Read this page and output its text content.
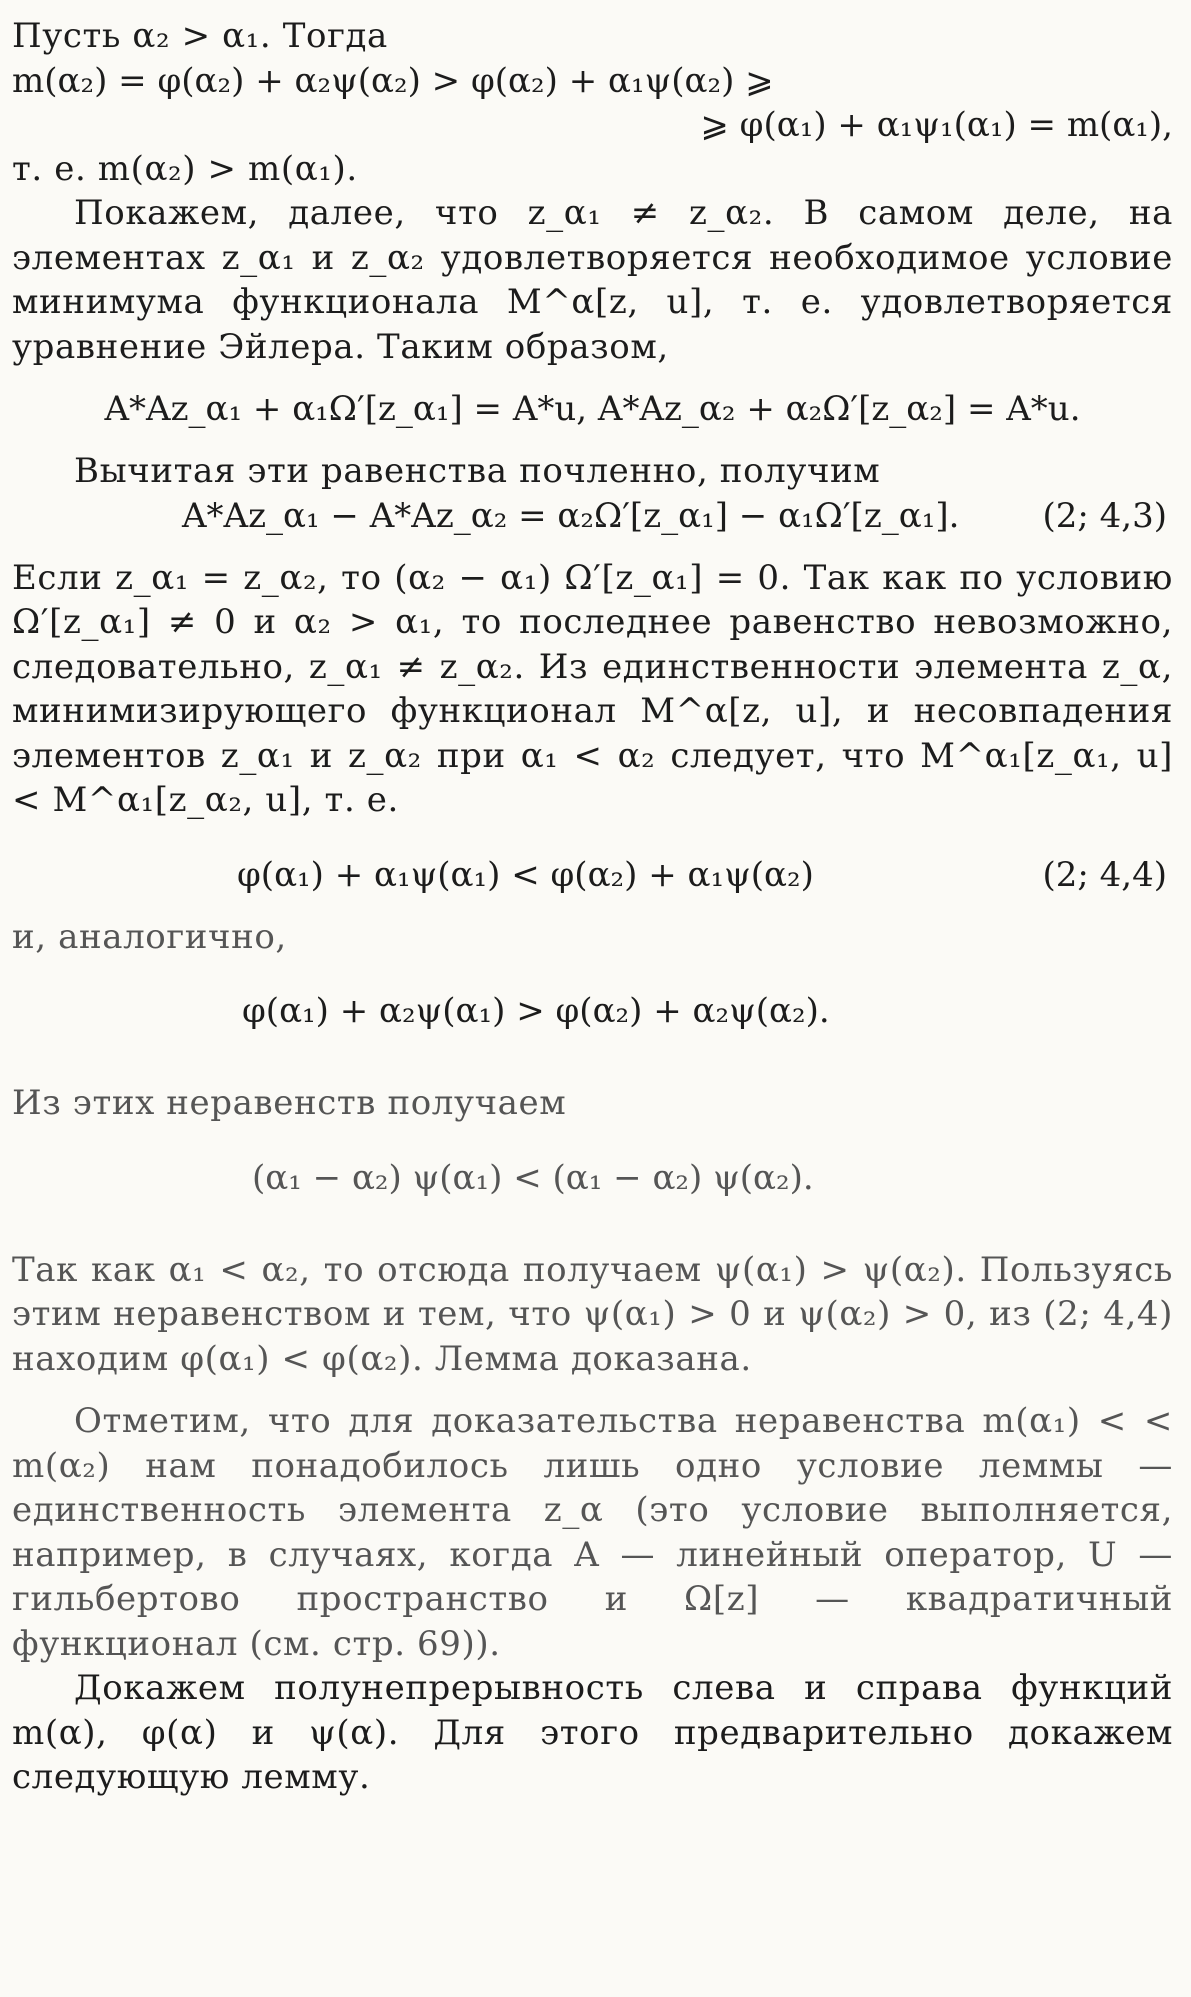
Пусть α₂ > α₁. Тогда

m(α₂) = φ(α₂) + α₂ψ(α₂) > φ(α₂) + α₁ψ(α₂) ⩾

⩾ φ(α₁) + α₁ψ₁(α₁) = m(α₁),

т. е. m(α₂) > m(α₁).

Покажем, далее, что z_α₁ ≠ z_α₂. В самом деле, на элементах z_α₁ и z_α₂ удовлетворяется необходимое условие минимума функционала M^α[z, u], т. е. удовлетворяется уравнение Эйлера. Таким образом,

A*Az_α₁ + α₁Ω′[z_α₁] = A*u, A*Az_α₂ + α₂Ω′[z_α₂] = A*u.

Вычитая эти равенства почленно, получим

A*Az_α₁ − A*Az_α₂ = α₂Ω′[z_α₁] − α₁Ω′[z_α₁].	(2; 4,3)

Если z_α₁ = z_α₂, то (α₂ − α₁) Ω′[z_α₁] = 0. Так как по условию Ω′[z_α₁] ≠ 0 и α₂ > α₁, то последнее равенство невозможно, следовательно, z_α₁ ≠ z_α₂. Из единственности элемента z_α, минимизирующего функционал M^α[z, u], и несовпадения элементов z_α₁ и z_α₂ при α₁ < α₂ следует, что M^α₁[z_α₁, u] < M^α₁[z_α₂, u], т. е.

φ(α₁) + α₁ψ(α₁) < φ(α₂) + α₁ψ(α₂)	(2; 4,4)

и, аналогично,

φ(α₁) + α₂ψ(α₁) > φ(α₂) + α₂ψ(α₂).

Из этих неравенств получаем

(α₁ − α₂) ψ(α₁) < (α₁ − α₂) ψ(α₂).

Так как α₁ < α₂, то отсюда получаем ψ(α₁) > ψ(α₂). Пользуясь этим неравенством и тем, что ψ(α₁) > 0 и ψ(α₂) > 0, из (2; 4,4) находим φ(α₁) < φ(α₂). Лемма доказана.

Отметим, что для доказательства неравенства m(α₁) < < m(α₂) нам понадобилось лишь одно условие леммы — единственность элемента z_α (это условие выполняется, например, в случаях, когда A — линейный оператор, U — гильбертово пространство и Ω[z] — квадратичный функционал (см. стр. 69)).

Докажем полунепрерывность слева и справа функций m(α), φ(α) и ψ(α). Для этого предварительно докажем следующую лемму.
